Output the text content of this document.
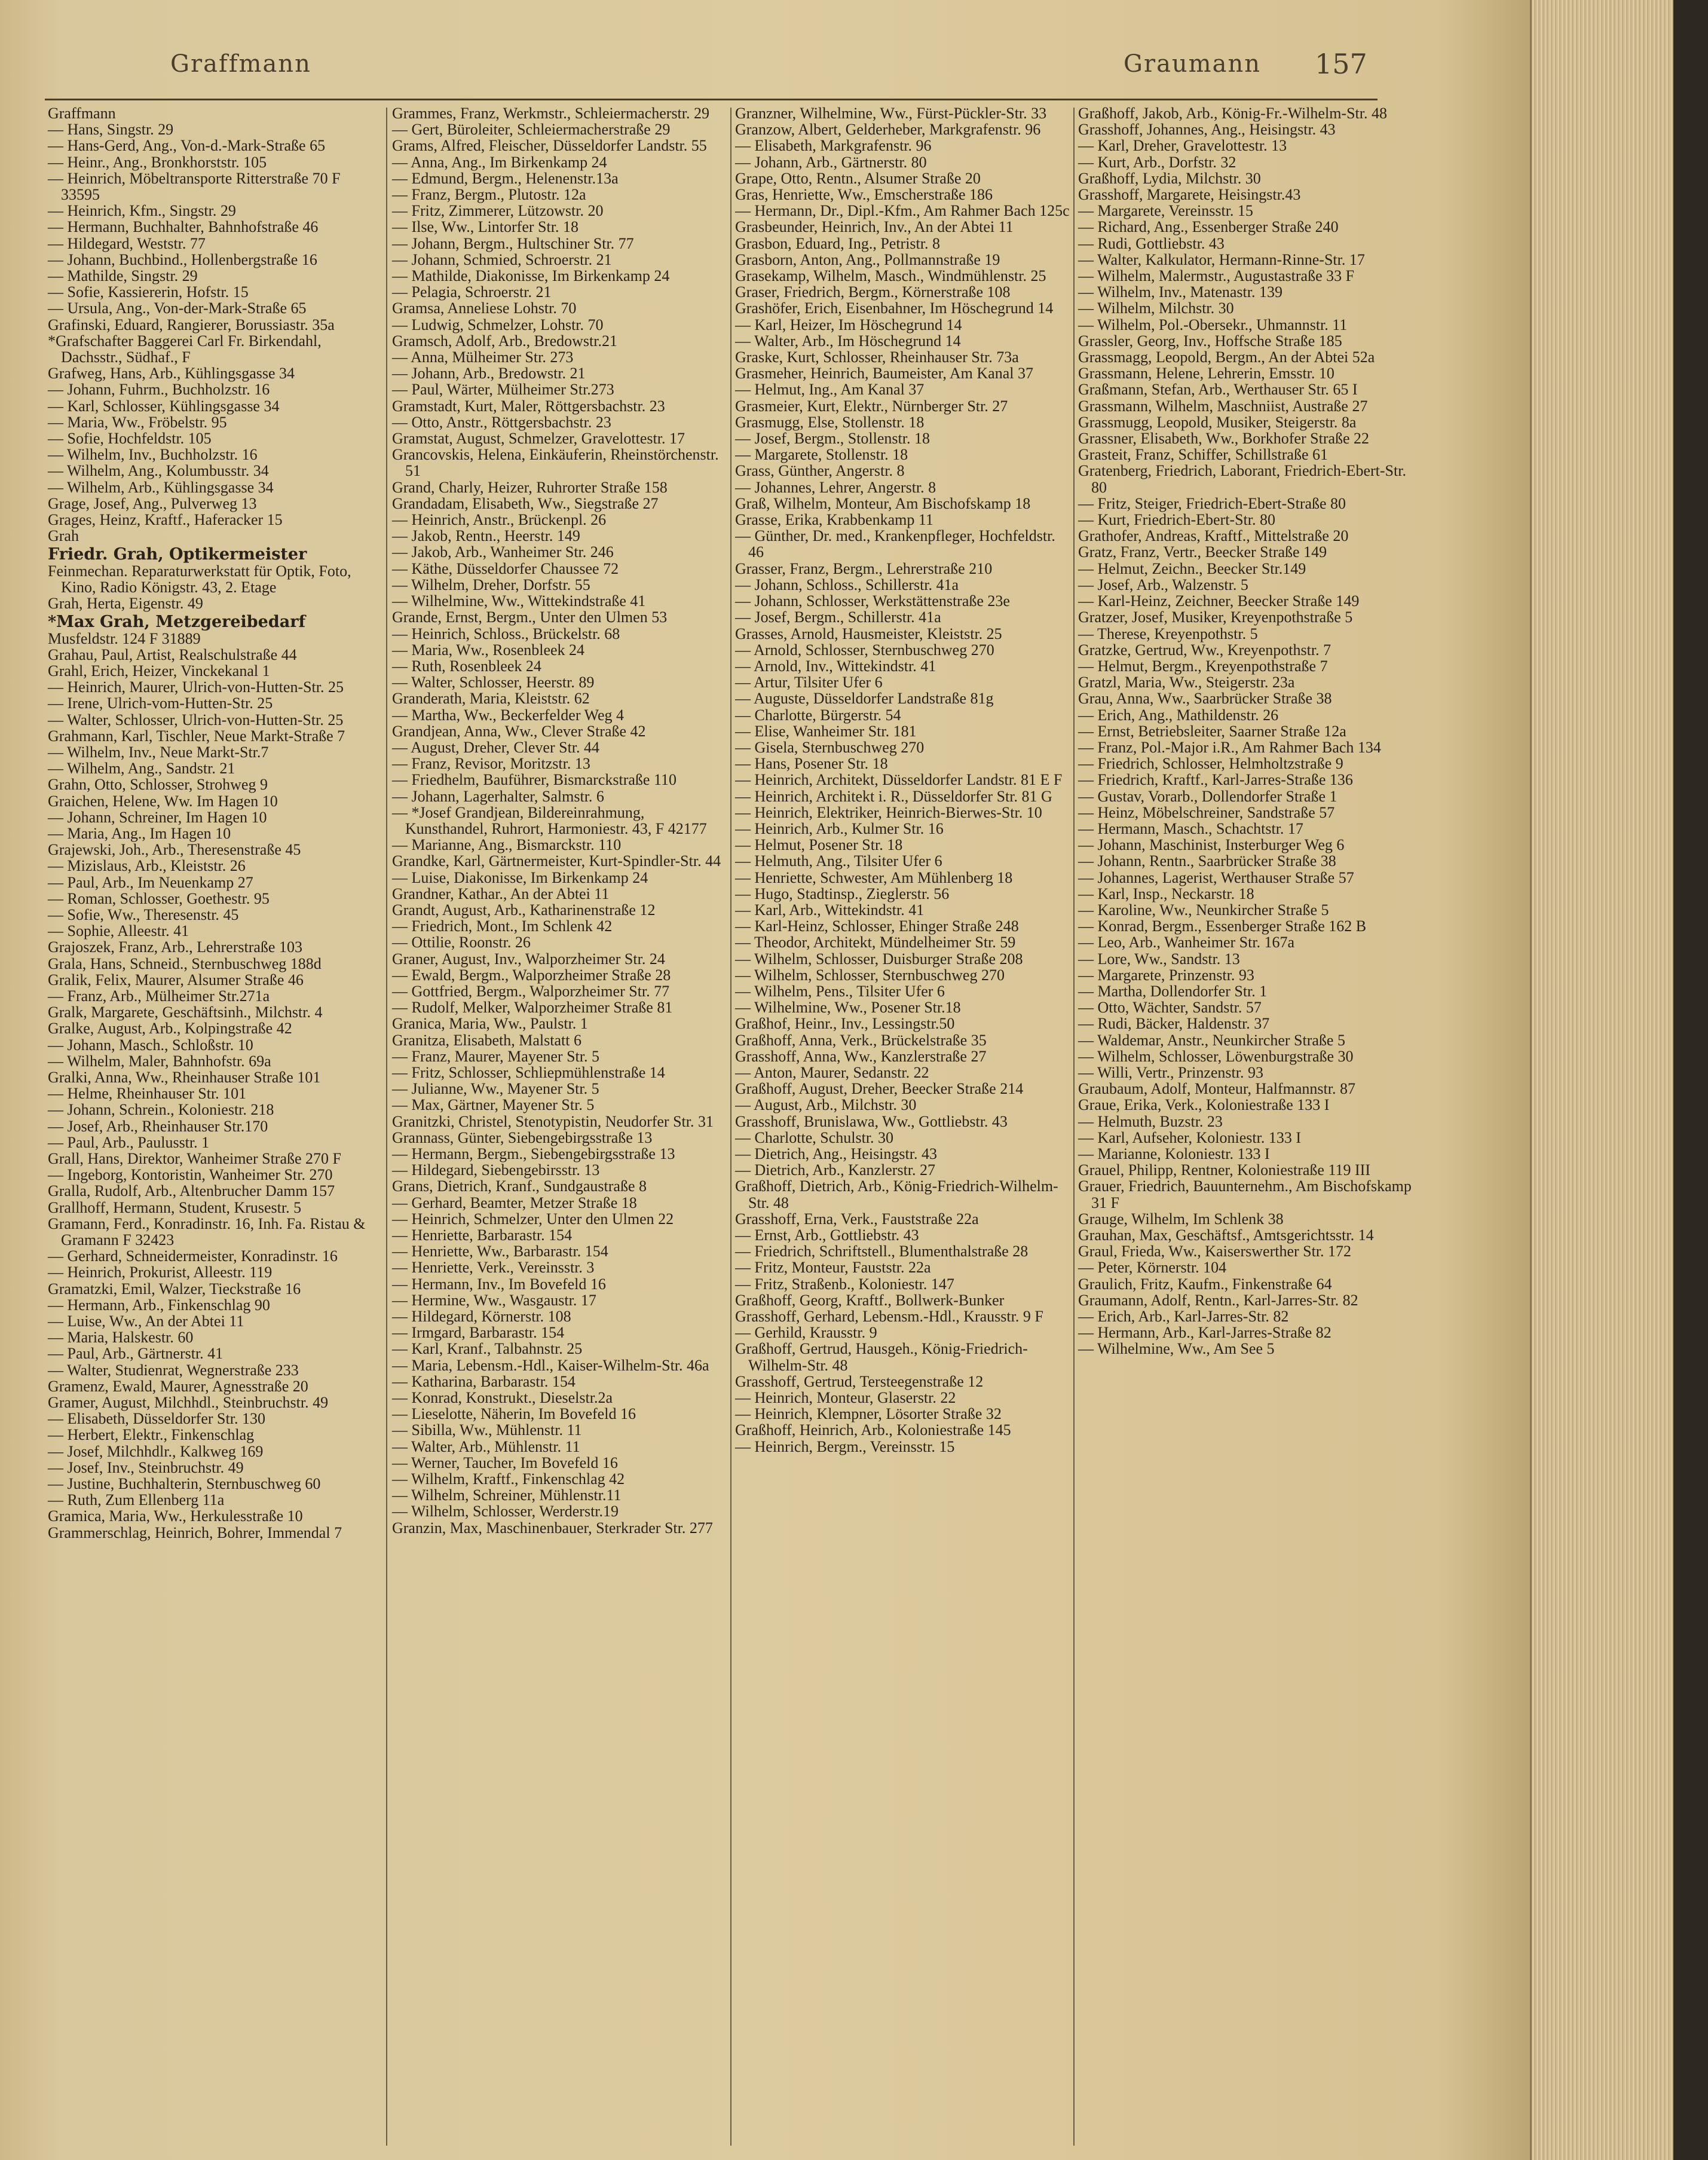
Graffmann	Graumann 157
Graffmann
— Hans, Singstr. 29
— Hans-Gerd, Ang., Von-d.-Mark-Straße 65
— Heinr., Ang., Bronkhorststr. 105
— Heinrich, Möbeltransporte Ritterstraße 70 F 33595
— Heinrich, Kfm., Singstr. 29
— Hermann, Buchhalter, Bahnhofstraße 46
— Hildegard, Weststr. 77
— Johann, Buchbind., Hollenbergstraße 16
— Mathilde, Singstr. 29
— Sofie, Kassiererin, Hofstr. 15
— Ursula, Ang., Von-der-Mark-Straße 65
Grafinski, Eduard, Rangierer, Borussiastr. 35a
*Grafschafter Baggerei Carl Fr. Birkendahl, Dachsstr., Südhaf., F
Grafweg, Hans, Arb., Kühlingsgasse 34
— Johann, Fuhrm., Buchholzstr. 16
— Karl, Schlosser, Kühlingsgasse 34
— Maria, Ww., Fröbelstr. 95
— Sofie, Hochfeldstr. 105
— Wilhelm, Inv., Buchholzstr. 16
— Wilhelm, Ang., Kolumbusstr. 34
— Wilhelm, Arb., Kühlingsgasse 34
Grage, Josef, Ang., Pulverweg 13
Grages, Heinz, Kraftf., Haferacker 15
Grah
Friedr. Grah, Optikermeister
Feinmechan. Reparaturwerkstatt für Optik, Foto, Kino, Radio Königstr. 43, 2. Etage
Grah, Herta, Eigenstr. 49
*Max Grah, Metzgereibedarf
Musfeldstr. 124 F 31889
Grahau, Paul, Artist, Realschulstraße 44
Grahl, Erich, Heizer, Vinckekanal 1
— Heinrich, Maurer, Ulrich-von-Hutten-Str. 25
— Irene, Ulrich-vom-Hutten-Str. 25
— Walter, Schlosser, Ulrich-von-Hutten-Str. 25
Grahmann, Karl, Tischler, Neue Markt-Straße 7
— Wilhelm, Inv., Neue Markt-Str.7
— Wilhelm, Ang., Sandstr. 21
Grahn, Otto, Schlosser, Strohweg 9
Graichen, Helene, Ww. Im Hagen 10
— Johann, Schreiner, Im Hagen 10
— Maria, Ang., Im Hagen 10
Grajewski, Joh., Arb., Theresenstraße 45
— Mizislaus, Arb., Kleiststr. 26
— Paul, Arb., Im Neuenkamp 27
— Roman, Schlosser, Goethestr. 95
— Sofie, Ww., Theresenstr. 45
— Sophie, Alleestr. 41
Grajoszek, Franz, Arb., Lehrerstraße 103
Grala, Hans, Schneid., Sternbuschweg 188d
Gralik, Felix, Maurer, Alsumer Straße 46
— Franz, Arb., Mülheimer Str.271a
Gralk, Margarete, Geschäftsinh., Milchstr. 4
Gralke, August, Arb., Kolpingstraße 42
— Johann, Masch., Schloßstr. 10
— Wilhelm, Maler, Bahnhofstr. 69a
Gralki, Anna, Ww., Rheinhauser Straße 101
— Helme, Rheinhauser Str. 101
— Johann, Schrein., Koloniestr. 218
— Josef, Arb., Rheinhauser Str.170
— Paul, Arb., Paulusstr. 1
Grall, Hans, Direktor, Wanheimer Straße 270 F
— Ingeborg, Kontoristin, Wanheimer Str. 270
Gralla, Rudolf, Arb., Altenbrucher Damm 157
Grallhoff, Hermann, Student, Krusestr. 5
Gramann, Ferd., Konradinstr. 16, Inh. Fa. Ristau & Gramann F 32423
— Gerhard, Schneidermeister, Konradinstr. 16
— Heinrich, Prokurist, Alleestr. 119
Gramatzki, Emil, Walzer, Tieckstraße 16
— Hermann, Arb., Finkenschlag 90
— Luise, Ww., An der Abtei 11
— Maria, Halskestr. 60
— Paul, Arb., Gärtnerstr. 41
— Walter, Studienrat, Wegnerstraße 233
Gramenz, Ewald, Maurer, Agnesstraße 20
Gramer, August, Milchhdl., Steinbruchstr. 49
— Elisabeth, Düsseldorfer Str. 130
— Herbert, Elektr., Finkenschlag
— Josef, Milchhdlr., Kalkweg 169
— Josef, Inv., Steinbruchstr. 49
— Justine, Buchhalterin, Sternbuschweg 60
— Ruth, Zum Ellenberg 11a
Gramica, Maria, Ww., Herkulesstraße 10
Grammerschlag, Heinrich, Bohrer, Immendal 7
Grammes, Franz, Werkmstr., Schleiermacherstr. 29
— Gert, Büroleiter, Schleiermacherstraße 29
Grams, Alfred, Fleischer, Düsseldorfer Landstr. 55
— Anna, Ang., Im Birkenkamp 24
— Edmund, Bergm., Helenenstr.13a
— Franz, Bergm., Plutostr. 12a
— Fritz, Zimmerer, Lützowstr. 20
— Ilse, Ww., Lintorfer Str. 18
— Johann, Bergm., Hultschiner Str. 77
— Johann, Schmied, Schroerstr. 21
— Mathilde, Diakonisse, Im Birkenkamp 24
— Pelagia, Schroerstr. 21
Gramsa, Anneliese Lohstr. 70
— Ludwig, Schmelzer, Lohstr. 70
Gramsch, Adolf, Arb., Bredowstr.21
— Anna, Mülheimer Str. 273
— Johann, Arb., Bredowstr. 21
— Paul, Wärter, Mülheimer Str.273
Gramstadt, Kurt, Maler, Röttgersbachstr. 23
— Otto, Anstr., Röttgersbachstr. 23
Gramstat, August, Schmelzer, Gravelottestr. 17
Grancovskis, Helena, Einkäuferin, Rheinstörchenstr. 51
Grand, Charly, Heizer, Ruhrorter Straße 158
Grandadam, Elisabeth, Ww., Siegstraße 27
— Heinrich, Anstr., Brückenpl. 26
— Jakob, Rentn., Heerstr. 149
— Jakob, Arb., Wanheimer Str. 246
— Käthe, Düsseldorfer Chaussee 72
— Wilhelm, Dreher, Dorfstr. 55
— Wilhelmine, Ww., Wittekindstraße 41
Grande, Ernst, Bergm., Unter den Ulmen 53
— Heinrich, Schloss., Brückelstr. 68
— Maria, Ww., Rosenbleek 24
— Ruth, Rosenbleek 24
— Walter, Schlosser, Heerstr. 89
Granderath, Maria, Kleiststr. 62
— Martha, Ww., Beckerfelder Weg 4
Grandjean, Anna, Ww., Clever Straße 42
— August, Dreher, Clever Str. 44
— Franz, Revisor, Moritzstr. 13
— Friedhelm, Bauführer, Bismarckstraße 110
— Johann, Lagerhalter, Salmstr. 6
— *Josef Grandjean, Bildereinrahmung, Kunsthandel, Ruhrort, Harmoniestr. 43, F 42177
— Marianne, Ang., Bismarckstr. 110
Grandke, Karl, Gärtnermeister, Kurt-Spindler-Str. 44
— Luise, Diakonisse, Im Birkenkamp 24
Grandner, Kathar., An der Abtei 11
Grandt, August, Arb., Katharinenstraße 12
— Friedrich, Mont., Im Schlenk 42
— Ottilie, Roonstr. 26
Graner, August, Inv., Walporzheimer Str. 24
— Ewald, Bergm., Walporzheimer Straße 28
— Gottfried, Bergm., Walporzheimer Str. 77
— Rudolf, Melker, Walporzheimer Straße 81
Granica, Maria, Ww., Paulstr. 1
Granitza, Elisabeth, Malstatt 6
— Franz, Maurer, Mayener Str. 5
— Fritz, Schlosser, Schliepmühlenstraße 14
— Julianne, Ww., Mayener Str. 5
— Max, Gärtner, Mayener Str. 5
Granitzki, Christel, Stenotypistin, Neudorfer Str. 31
Grannass, Günter, Siebengebirgsstraße 13
— Hermann, Bergm., Siebengebirgsstraße 13
— Hildegard, Siebengebirsstr. 13
Grans, Dietrich, Kranf., Sundgaustraße 8
— Gerhard, Beamter, Metzer Straße 18
— Heinrich, Schmelzer, Unter den Ulmen 22
— Henriette, Barbarastr. 154
— Henriette, Ww., Barbarastr. 154
— Henriette, Verk., Vereinsstr. 3
— Hermann, Inv., Im Bovefeld 16
— Hermine, Ww., Wasgaustr. 17
— Hildegard, Körnerstr. 108
— Irmgard, Barbarastr. 154
— Karl, Kranf., Talbahnstr. 25
— Maria, Lebensm.-Hdl., Kaiser-Wilhelm-Str. 46a
— Katharina, Barbarastr. 154
— Konrad, Konstrukt., Dieselstr.2a
— Lieselotte, Näherin, Im Bovefeld 16
— Sibilla, Ww., Mühlenstr. 11
— Walter, Arb., Mühlenstr. 11
— Werner, Taucher, Im Bovefeld 16
— Wilhelm, Kraftf., Finkenschlag 42
— Wilhelm, Schreiner, Mühlenstr.11
— Wilhelm, Schlosser, Werderstr.19
Granzin, Max, Maschinenbauer, Sterkrader Str. 277
Granzner, Wilhelmine, Ww., Fürst-Pückler-Str. 33
Granzow, Albert, Gelderheber, Markgrafenstr. 96
— Elisabeth, Markgrafenstr. 96
— Johann, Arb., Gärtnerstr. 80
Grape, Otto, Rentn., Alsumer Straße 20
Gras, Henriette, Ww., Emscherstraße 186
— Hermann, Dr., Dipl.-Kfm., Am Rahmer Bach 125c
Grasbeunder, Heinrich, Inv., An der Abtei 11
Grasbon, Eduard, Ing., Petristr. 8
Grasborn, Anton, Ang., Pollmannstraße 19
Grasekamp, Wilhelm, Masch., Windmühlenstr. 25
Graser, Friedrich, Bergm., Körnerstraße 108
Grashöfer, Erich, Eisenbahner, Im Höschegrund 14
— Karl, Heizer, Im Höschegrund 14
— Walter, Arb., Im Höschegrund 14
Graske, Kurt, Schlosser, Rheinhauser Str. 73a
Grasmeher, Heinrich, Baumeister, Am Kanal 37
— Helmut, Ing., Am Kanal 37
Grasmeier, Kurt, Elektr., Nürnberger Str. 27
Grasmugg, Else, Stollenstr. 18
— Josef, Bergm., Stollenstr. 18
— Margarete, Stollenstr. 18
Grass, Günther, Angerstr. 8
— Johannes, Lehrer, Angerstr. 8
Graß, Wilhelm, Monteur, Am Bischofskamp 18
Grasse, Erika, Krabbenkamp 11
— Günther, Dr. med., Krankenpfleger, Hochfeldstr. 46
Grasser, Franz, Bergm., Lehrerstraße 210
— Johann, Schloss., Schillerstr. 41a
— Johann, Schlosser, Werkstättenstraße 23e
— Josef, Bergm., Schillerstr. 41a
Grasses, Arnold, Hausmeister, Kleiststr. 25
— Arnold, Schlosser, Sternbuschweg 270
— Arnold, Inv., Wittekindstr. 41
— Artur, Tilsiter Ufer 6
— Auguste, Düsseldorfer Landstraße 81g
— Charlotte, Bürgerstr. 54
— Elise, Wanheimer Str. 181
— Gisela, Sternbuschweg 270
— Hans, Posener Str. 18
— Heinrich, Architekt, Düsseldorfer Landstr. 81 E F
— Heinrich, Architekt i. R., Düsseldorfer Str. 81 G
— Heinrich, Elektriker, Heinrich-Bierwes-Str. 10
— Heinrich, Arb., Kulmer Str. 16
— Helmut, Posener Str. 18
— Helmuth, Ang., Tilsiter Ufer 6
— Henriette, Schwester, Am Mühlenberg 18
— Hugo, Stadtinsp., Zieglerstr. 56
— Karl, Arb., Wittekindstr. 41
— Karl-Heinz, Schlosser, Ehinger Straße 248
— Theodor, Architekt, Mündelheimer Str. 59
— Wilhelm, Schlosser, Duisburger Straße 208
— Wilhelm, Schlosser, Sternbuschweg 270
— Wilhelm, Pens., Tilsiter Ufer 6
— Wilhelmine, Ww., Posener Str.18
Graßhof, Heinr., Inv., Lessingstr.50
Graßhoff, Anna, Verk., Brückelstraße 35
Grasshoff, Anna, Ww., Kanzlerstraße 27
— Anton, Maurer, Sedanstr. 22
Graßhoff, August, Dreher, Beecker Straße 214
— August, Arb., Milchstr. 30
Grasshoff, Brunislawa, Ww., Gottliebstr. 43
— Charlotte, Schulstr. 30
— Dietrich, Ang., Heisingstr. 43
— Dietrich, Arb., Kanzlerstr. 27
Graßhoff, Dietrich, Arb., König-Friedrich-Wilhelm-Str. 48
Grasshoff, Erna, Verk., Fauststraße 22a
— Ernst, Arb., Gottliebstr. 43
— Friedrich, Schriftstell., Blumenthalstraße 28
— Fritz, Monteur, Fauststr. 22a
— Fritz, Straßenb., Koloniestr. 147
Graßhoff, Georg, Kraftf., Bollwerk-Bunker
Grasshoff, Gerhard, Lebensm.-Hdl., Krausstr. 9 F
— Gerhild, Krausstr. 9
Graßhoff, Gertrud, Hausgeh., König-Friedrich-Wilhelm-Str. 48
Grasshoff, Gertrud, Tersteegenstraße 12
— Heinrich, Monteur, Glaserstr. 22
— Heinrich, Klempner, Lösorter Straße 32
Graßhoff, Heinrich, Arb., Koloniestraße 145
— Heinrich, Bergm., Vereinsstr. 15
Graßhoff, Jakob, Arb., König-Fr.-Wilhelm-Str. 48
Grasshoff, Johannes, Ang., Heisingstr. 43
— Karl, Dreher, Gravelottestr. 13
— Kurt, Arb., Dorfstr. 32
Graßhoff, Lydia, Milchstr. 30
Grasshoff, Margarete, Heisingstr.43
— Margarete, Vereinsstr. 15
— Richard, Ang., Essenberger Straße 240
— Rudi, Gottliebstr. 43
— Walter, Kalkulator, Hermann-Rinne-Str. 17
— Wilhelm, Malermstr., Augustastraße 33 F
— Wilhelm, Inv., Matenastr. 139
— Wilhelm, Milchstr. 30
— Wilhelm, Pol.-Obersekr., Uhmannstr. 11
Grassler, Georg, Inv., Hoffsche Straße 185
Grassmagg, Leopold, Bergm., An der Abtei 52a
Grassmann, Helene, Lehrerin, Emsstr. 10
Graßmann, Stefan, Arb., Werthauser Str. 65 I
Grassmann, Wilhelm, Maschniist, Austraße 27
Grassmugg, Leopold, Musiker, Steigerstr. 8a
Grassner, Elisabeth, Ww., Borkhofer Straße 22
Grasteit, Franz, Schiffer, Schillstraße 61
Gratenberg, Friedrich, Laborant, Friedrich-Ebert-Str. 80
— Fritz, Steiger, Friedrich-Ebert-Straße 80
— Kurt, Friedrich-Ebert-Str. 80
Grathofer, Andreas, Kraftf., Mittelstraße 20
Gratz, Franz, Vertr., Beecker Straße 149
— Helmut, Zeichn., Beecker Str.149
— Josef, Arb., Walzenstr. 5
— Karl-Heinz, Zeichner, Beecker Straße 149
Gratzer, Josef, Musiker, Kreyenpothstraße 5
— Therese, Kreyenpothstr. 5
Gratzke, Gertrud, Ww., Kreyenpothstr. 7
— Helmut, Bergm., Kreyenpothstraße 7
Gratzl, Maria, Ww., Steigerstr. 23a
Grau, Anna, Ww., Saarbrücker Straße 38
— Erich, Ang., Mathildenstr. 26
— Ernst, Betriebsleiter, Saarner Straße 12a
— Franz, Pol.-Major i.R., Am Rahmer Bach 134
— Friedrich, Schlosser, Helmholtzstraße 9
— Friedrich, Kraftf., Karl-Jarres-Straße 136
— Gustav, Vorarb., Dollendorfer Straße 1
— Heinz, Möbelschreiner, Sandstraße 57
— Hermann, Masch., Schachtstr. 17
— Johann, Maschinist, Insterburger Weg 6
— Johann, Rentn., Saarbrücker Straße 38
— Johannes, Lagerist, Werthauser Straße 57
— Karl, Insp., Neckarstr. 18
— Karoline, Ww., Neunkircher Straße 5
— Konrad, Bergm., Essenberger Straße 162 B
— Leo, Arb., Wanheimer Str. 167a
— Lore, Ww., Sandstr. 13
— Margarete, Prinzenstr. 93
— Martha, Dollendorfer Str. 1
— Otto, Wächter, Sandstr. 57
— Rudi, Bäcker, Haldenstr. 37
— Waldemar, Anstr., Neunkircher Straße 5
— Wilhelm, Schlosser, Löwenburgstraße 30
— Willi, Vertr., Prinzenstr. 93
Graubaum, Adolf, Monteur, Halfmannstr. 87
Graue, Erika, Verk., Koloniestraße 133 I
— Helmuth, Buzstr. 23
— Karl, Aufseher, Koloniestr. 133 I
— Marianne, Koloniestr. 133 I
Grauel, Philipp, Rentner, Koloniestraße 119 III
Grauer, Friedrich, Bauunternehm., Am Bischofskamp 31 F
Grauge, Wilhelm, Im Schlenk 38
Grauhan, Max, Geschäftsf., Amtsgerichtsstr. 14
Graul, Frieda, Ww., Kaiserswerther Str. 172
— Peter, Körnerstr. 104
Graulich, Fritz, Kaufm., Finkenstraße 64
Graumann, Adolf, Rentn., Karl-Jarres-Str. 82
— Erich, Arb., Karl-Jarres-Str. 82
— Hermann, Arb., Karl-Jarres-Straße 82
— Wilhelmine, Ww., Am See 5
